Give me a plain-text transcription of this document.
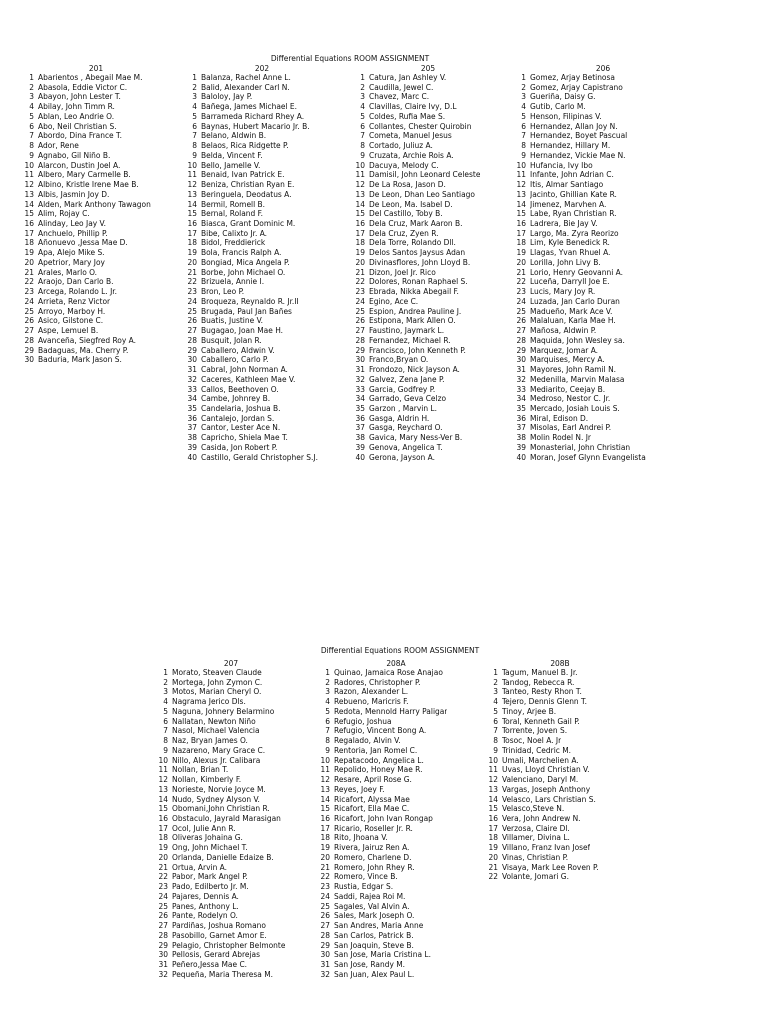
Differential Equations ROOM ASSIGNMENT
Differential Equations ROOM ASSIGNMENT
201
1 Abarientos , Abegail Mae M.
2 Abasola, Eddie Victor C.
3 Abayon, John Lester T.
4 Abilay, John Timm R.
5 Ablan, Leo Andrie O.
6 Abo, Neil Christian S.
7 Abordo, Dina France T.
8 Ador, Rene
9 Agnabo, Gil Niño B.
10 Alarcon, Dustin Joel A.
11 Albero, Mary Carmelle B.
12 Albino, Kristle Irene Mae B.
13 Albis, Jasmin Joy D.
14 Alden, Mark Anthony Tawagon
15 Alim, Rojay C.
16 Alinday, Leo Jay V.
17 Anchuelo, Phillip P.
18 Añonuevo ,Jessa Mae D.
19 Apa, Alejo Mike S.
20 Apetrior, Mary Joy
21 Arales, Marlo O.
22 Araojo, Dan Carlo B.
23 Arcega, Rolando L. Jr.
24 Arrieta, Renz Victor
25 Arroyo, Marboy H.
26 Asico, Gilstone C.
27 Aspe, Lemuel B.
28 Avanceña, Siegfred Roy A.
29 Badaguas, Ma. Cherry P.
30 Baduria, Mark Jason S.
202
1 Balanza, Rachel Anne L.
2 Balid, Alexander Carl N.
3 Baloloy, Jay P.
4 Bañega, James Michael E.
5 Barrameda Richard Rhey A.
6 Baynas, Hubert Macario Jr. B.
7 Belano, Aldwin B.
8 Belaos, Rica Ridgette P.
9 Belda, Vincent F.
10 Bello, Jamelle V.
11 Benaid, Ivan Patrick E.
12 Beniza, Christian Ryan E.
13 Beringuela, Deodatus A.
14 Bermil, Romell B.
15 Bernal, Roland F.
16 Biasca, Grant Dominic M.
17 Bibe, Calixto Jr. A.
18 Bidol, Freddierick
19 Bola, Francis Ralph A.
20 Bongiad, Mica Angela P.
21 Borbe, John Michael O.
22 Brizuela, Annie I.
23 Bron, Leo P.
24 Broqueza, Reynaldo R. Jr.II
25 Brugada, Paul Jan Bañes
26 Buatis, Justine V.
27 Bugagao, Joan Mae H.
28 Busquit, Jolan R.
29 Caballero, Aldwin V.
30 Caballero, Carlo P.
31 Cabral, John Norman A.
32 Caceres, Kathleen Mae V.
33 Callos, Beethoven O.
34 Cambe, Johnrey B.
35 Candelaria, Joshua B.
36 Cantalejo, Jordan S.
37 Cantor, Lester Ace N.
38 Capricho, Shiela Mae T.
39 Casida, Jon Robert P.
40 Castillo, Gerald Christopher S.J.
205
1 Catura, Jan Ashley V.
2 Caudilla, Jewel C.
3 Chavez, Marc C.
4 Clavillas, Claire Ivy, D.L
5 Coldes, Rufia Mae S.
6 Collantes, Chester Quirobin
7 Cometa, Manuel Jesus
8 Cortado, Juliuz A.
9 Cruzata, Archie Rois A.
10 Dacuya, Melody C.
11 Damisil, John Leonard Celeste
12 De La Rosa, Jason D.
13 De Leon, Dhan Leo Santiago
14 De Leon, Ma. Isabel D.
15 Del Castillo, Toby B.
16 Dela Cruz, Mark Aaron B.
17 Dela Cruz, Zyen R.
18 Dela Torre, Rolando Dll.
19 Delos Santos Jaysus Adan
20 Divinasflores, John Lloyd B.
21 Dizon, Joel Jr. Rico
22 Dolores, Ronan Raphael S.
23 Ebrada, Nikka Abegail F.
24 Egino, Ace C.
25 Espion, Andrea Pauline J.
26 Estipona, Mark Allen O.
27 Faustino, Jaymark L.
28 Fernandez, Michael R.
29 Francisco, John Kenneth P.
30 Franco,Bryan O.
31 Frondozo, Nick Jayson A.
32 Galvez, Zena Jane P.
33 Garcia, Godfrey P.
34 Garrado, Geva Celzo
35 Garzon , Marvin L.
36 Gasga, Aldrin H.
37 Gasga, Reychard O.
38 Gavica, Mary Ness-Ver B.
39 Genova, Angelica T.
40 Gerona, Jayson A.
206
1 Gomez, Arjay Betinosa
2 Gomez, Arjay Capistrano
3 Gueriña, Daisy G.
4 Gutib, Carlo M.
5 Henson, Filipinas V.
6 Hernandez, Allan Joy N.
7 Hernandez, Boyet Pascual
8 Hernandez, Hillary M.
9 Hernandez, Vickie Mae N.
10 Hufancia, Ivy Ibo
11 Infante, John Adrian C.
12 Itis, Almar Santiago
13 Jacinto, Ghillian Kate R.
14 Jimenez, Marvhen A.
15 Labe, Ryan Christian R.
16 Ladrera, Bie Jay V.
17 Largo, Ma. Zyra Reorizo
18 Lim, Kyle Benedick R.
19 Llagas, Yvan Rhuel A.
20 Lorilla, John Livy B.
21 Lorio, Henry Geovanni A.
22 Luceña, Darryll Joe E.
23 Lucis, Mary Joy R.
24 Luzada, Jan Carlo Duran
25 Madueño, Mark Ace V.
26 Malaluan, Karla Mae H.
27 Mañosa, Aldwin P.
28 Maquida, John Wesley sa.
29 Marquez, Jomar A.
30 Marquises, Mercy A.
31 Mayores, John Ramil N.
32 Medenilla, Marvin Malasa
33 Mediarito, Ceejay B.
34 Medroso, Nestor C. Jr.
35 Mercado, Josiah Louis S.
36 Miral, Edison D.
37 Misolas, Earl Andrei P.
38 Molin Rodel N. Jr
39 Monasterial, John Christian
40 Moran, Josef Glynn Evangelista
207
1 Morato, Steaven Claude
2 Mortega, John Zymon C.
3 Motos, Marian Cheryl O.
4 Nagrama Jerico Dls.
5 Naguna, Johnery Belarmino
6 Nallatan, Newton Niño
7 Nasol, Michael Valencia
8 Naz, Bryan James O.
9 Nazareno, Mary Grace C.
10 Nillo, Alexus Jr. Calibara
11 Nollan, Brian T.
12 Nollan, Kimberly F.
13 Norieste, Norvie Joyce M.
14 Nudo, Sydney Alyson V.
15 Obomani,John Christian R.
16 Obstaculo, Jayrald Marasigan
17 Ocol, Julie Ann R.
18 Oliveras Johaina G.
19 Ong, John Michael T.
20 Orlanda, Danielle Edaize B.
21 Ortua, Arvin A.
22 Pabor, Mark Angel P.
23 Pado, Edilberto Jr. M.
24 Pajares, Dennis A.
25 Panes, Anthony L.
26 Pante, Rodelyn O.
27 Pardiñas, Joshua Romano
28 Pasobillo, Garnet Amor E.
29 Pelagio, Christopher Belmonte
30 Pellosis, Gerard Abrejas
31 Peñero,Jessa Mae C.
32 Pequeña, Maria Theresa M.
208A
1 Quinao, Jamaica Rose Anajao
2 Radores, Christopher P.
3 Razon, Alexander L.
4 Rebueno, Maricris F.
5 Redota, Mennold Harry Paligar
6 Refugio, Joshua
7 Refugio, Vincent Bong A.
8 Regalado, Alvin V.
9 Rentoria, Jan Romel C.
10 Repatacodo, Angelica L.
11 Repolido, Honey Mae R.
12 Resare, April Rose G.
13 Reyes, Joey F.
14 Ricafort, Alyssa Mae
15 Ricafort, Ella Mae C.
16 Ricafort, John Ivan Rongap
17 Ricario, Roseller Jr. R.
18 Rito, Jhoana V.
19 Rivera, Jairuz Ren A.
20 Romero, Charlene D.
21 Romero, John Rhey R.
22 Romero, Vince B.
23 Rustia, Edgar S.
24 Saddi, Rajea Roi M.
25 Sagales, Val Alvin A.
26 Sales, Mark Joseph O.
27 San Andres, Maria Anne
28 San Carlos, Patrick B.
29 San Joaquin, Steve B.
30 San Jose, Maria Cristina L.
31 San Jose, Randy M.
32 San Juan, Alex Paul L.
208B
1 Tagum, Manuel B. Jr.
2 Tandog, Rebecca R.
3 Tanteo, Resty Rhon T.
4 Tejero, Dennis Glenn T.
5 Tinoy, Arjee B.
6 Toral, Kenneth Gail P.
7 Torrente, Joven S.
8 Tosoc, Noel A. Jr
9 Trinidad, Cedric M.
10 Umali, Marchelien A.
11 Uvas, Lloyd Christian V.
12 Valenciano, Daryl M.
13 Vargas, Joseph Anthony
14 Velasco, Lars Christian S.
15 Velasco,Steve N.
16 Vera, John Andrew N.
17 Verzosa, Claire Dl.
18 Villamer, Divina L.
19 Villano, Franz Ivan Josef
20 Vinas, Christian P.
21 Visaya, Mark Lee Roven P.
22 Volante, Jomari G.
